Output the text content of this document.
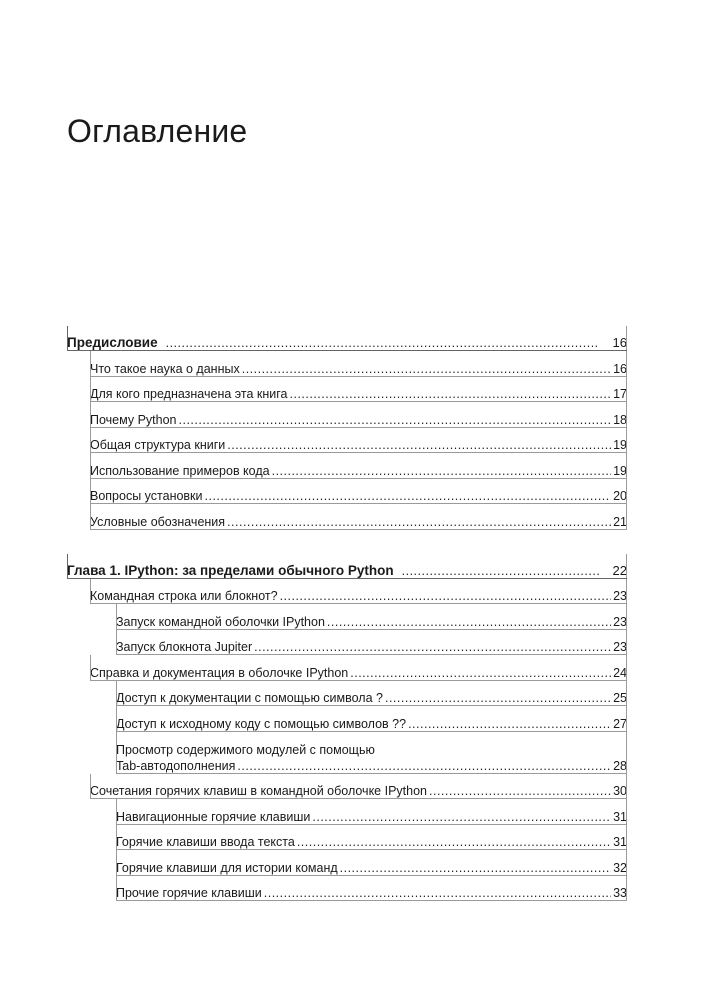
Оглавление
Предисловие .....	16
Что такое наука о данных .....	16
Для кого предназначена эта книга .....	17
Почему Python .....	18
Общая структура книги .....	19
Использование примеров кода .....	19
Вопросы установки .....	20
Условные обозначения .....	21
Глава 1. IPython: за пределами обычного Python .....	22
Командная строка или блокнот? .....	23
Запуск командной оболочки IPython .....	23
Запуск блокнота Jupiter .....	23
Справка и документация в оболочке IPython .....	24
Доступ к документации с помощью символа ? .....	25
Доступ к исходному коду с помощью символов ?? .....	27
Просмотр содержимого модулей с помощью
Tab-автодополнения .....	28
Сочетания горячих клавиш в командной оболочке IPython .....	30
Навигационные горячие клавиши .....	31
Горячие клавиши ввода текста .....	31
Горячие клавиши для истории команд .....	32
Прочие горячие клавиши .....	33
